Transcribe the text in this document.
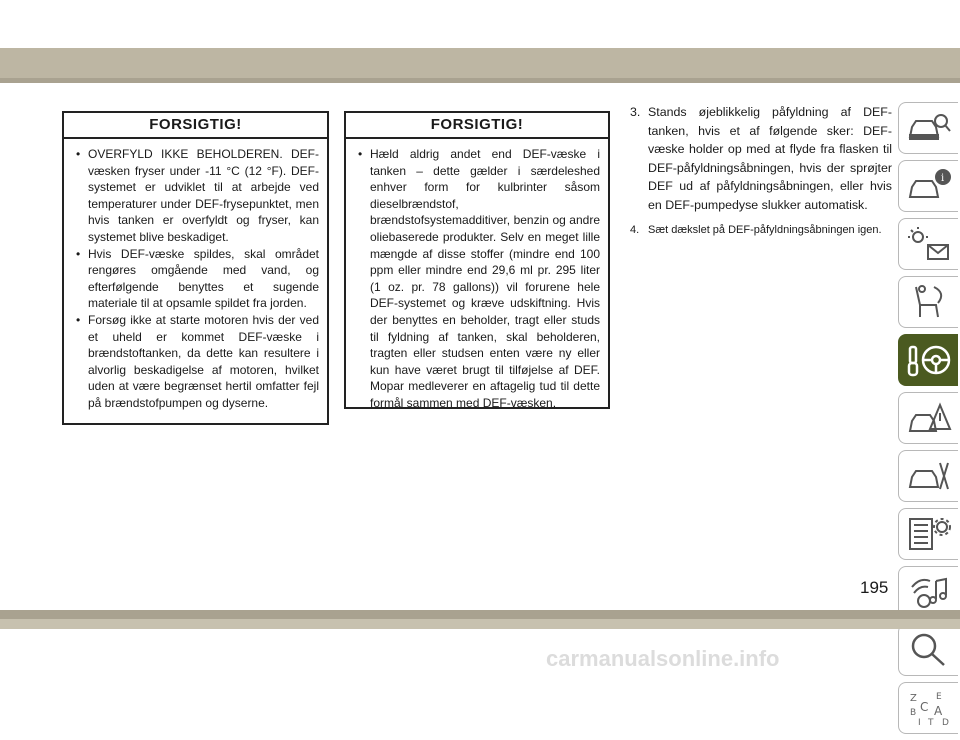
FORSIGTIG!
• OVERFYLD IKKE BEHOLDEREN. DEF-væsken fryser under -11 °C (12 °F). DEF-systemet er udviklet til at arbejde ved temperaturer under DEF-frysepunktet, men hvis tanken er overfyldt og fryser, kan systemet blive beskadiget.
• Hvis DEF-væske spildes, skal området rengøres omgående med vand, og efterfølgende benyttes et sugende materiale til at opsamle spildet fra jorden.
• Forsøg ikke at starte motoren hvis der ved et uheld er kommet DEF-væske i brændstoftanken, da dette kan resultere i alvorlig beskadigelse af motoren, hvilket uden at være begrænset hertil omfatter fejl på brændstofpumpen og dyserne.
FORSIGTIG!
• Hæld aldrig andet end DEF-væske i tanken – dette gælder i særdeleshed enhver form for kulbrinter såsom dieselbrændstof, brændstofsystemadditiver, benzin og andre oliebaserede produkter. Selv en meget lille mængde af disse stoffer (mindre end 100 ppm eller mindre end 29,6 ml pr. 295 liter (1 oz. pr. 78 gallons)) vil forurene hele DEF-systemet og kræve udskiftning. Hvis der benyttes en beholder, tragt eller studs til fyldning af tanken, skal beholderen, tragten eller studsen enten være ny eller kun have været brugt til tilføjelse af DEF. Mopar medleverer en aftagelig tud til dette formål sammen med DEF-væsken.
3. Stands øjeblikkelig påfyldning af DEF-tanken, hvis et af følgende sker: DEF-væske holder op med at flyde fra flasken til DEF-påfyldningsåbningen, hvis der sprøjter DEF ud af påfyldningsåbningen, eller hvis en DEF-pumpedyse slukker automatisk.
4. Sæt dækslet på DEF-påfyldningsåbningen igen.
i
Z E
B C A
I T D
195
carmanualsonline.info
